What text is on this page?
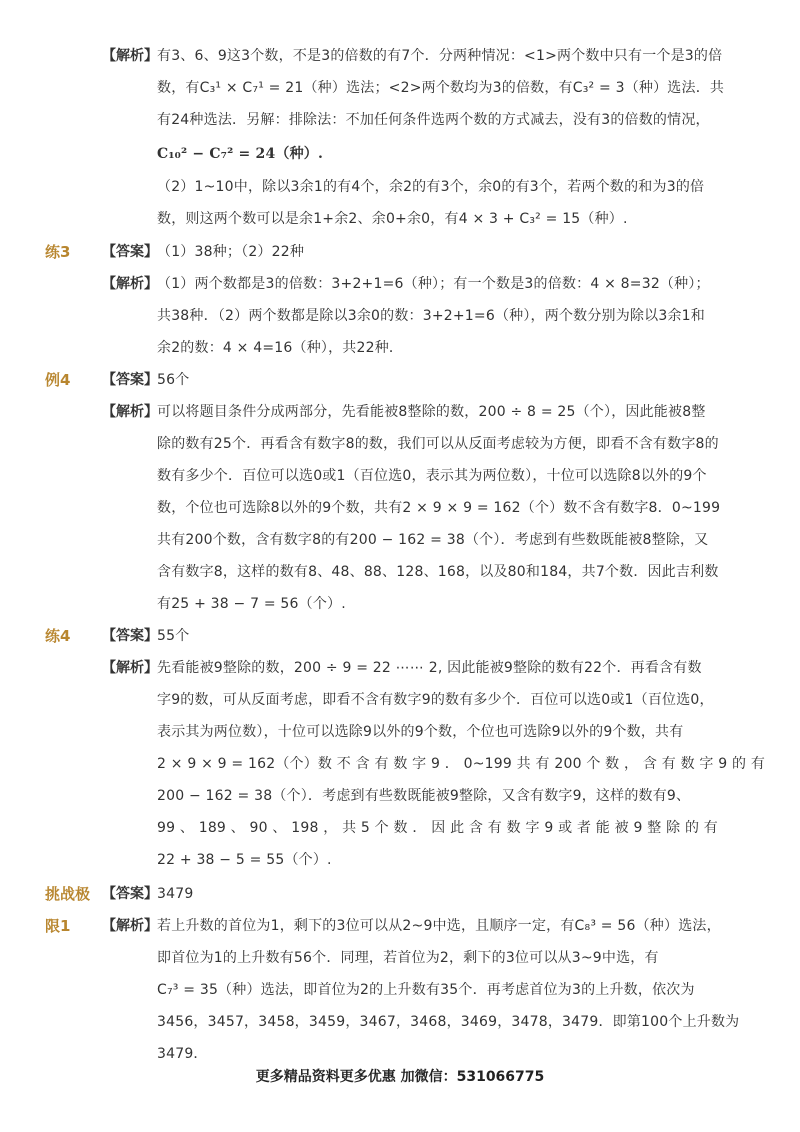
【解析】 有3、6、9这3个数，不是3的倍数的有7个．分两种情况：<1>两个数中只有一个是3的倍
数，有C₃¹ × C₇¹ = 21（种）选法；<2>两个数均为3的倍数，有C₃² = 3（种）选法．共
有24种选法．另解：排除法：不加任何条件选两个数的方式减去，没有3的倍数的情况，
C₁₀² − C₇² = 24（种）.
（2）1~10中，除以3余1的有4个，余2的有3个，余0的有3个，若两个数的和为3的倍
数，则这两个数可以是余1+余2、余0+余0，有4 × 3 + C₃² = 15（种）.
练3 【答案】 （1）38种；（2）22种
【解析】 （1）两个数都是3的倍数：3+2+1=6（种）；有一个数是3的倍数：4 × 8=32（种）；
共38种．（2）两个数都是除以3余0的数：3+2+1=6（种），两个数分别为除以3余1和
余2的数：4 × 4=16（种），共22种．
例4 【答案】 56个
【解析】 可以将题目条件分成两部分，先看能被8整除的数，200 ÷ 8 = 25（个），因此能被8整
除的数有25个．再看含有数字8的数，我们可以从反面考虑较为方便，即看不含有数字8的
数有多少个．百位可以选0或1（百位选0，表示其为两位数），十位可以选除8以外的9个
数，个位也可选除8以外的9个数，共有2 × 9 × 9 = 162（个）数不含有数字8．0~199
共有200个数，含有数字8的有200 − 162 = 38（个）．考虑到有些数既能被8整除，又
含有数字8，这样的数有8、48、88、128、168，以及80和184，共7个数．因此吉利数
有25 + 38 − 7 = 56（个）.
练4 【答案】 55个
【解析】 先看能被9整除的数，200 ÷ 9 = 22 ⋯⋯ 2, 因此能被9整除的数有22个．再看含有数
字9的数，可从反面考虑，即看不含有数字9的数有多少个．百位可以选0或1（百位选0，
表示其为两位数），十位可以选除9以外的9个数，个位也可选除9以外的9个数，共有
2 × 9 × 9 = 162（个）数 不 含 有 数 字 9 ． 0~199 共 有 200 个 数 ， 含 有 数 字 9 的 有
200 − 162 = 38（个）．考虑到有些数既能被9整除，又含有数字9，这样的数有9、
99 、 189 、 90 、 198 ， 共 5 个 数 ． 因 此 含 有 数 字 9 或 者 能 被 9 整 除 的 有
22 + 38 − 5 = 55（个）.
挑战极 【答案】 3479
限1 【解析】 若上升数的首位为1，剩下的3位可以从2~9中选，且顺序一定，有C₈³ = 56（种）选法，
即首位为1的上升数有56个．同理，若首位为2，剩下的3位可以从3~9中选，有
C₇³ = 35（种）选法，即首位为2的上升数有35个．再考虑首位为3的上升数，依次为
3456，3457，3458，3459，3467，3468，3469，3478，3479．即第100个上升数为
3479．
更多精品资料更多优惠 加微信：531066775
